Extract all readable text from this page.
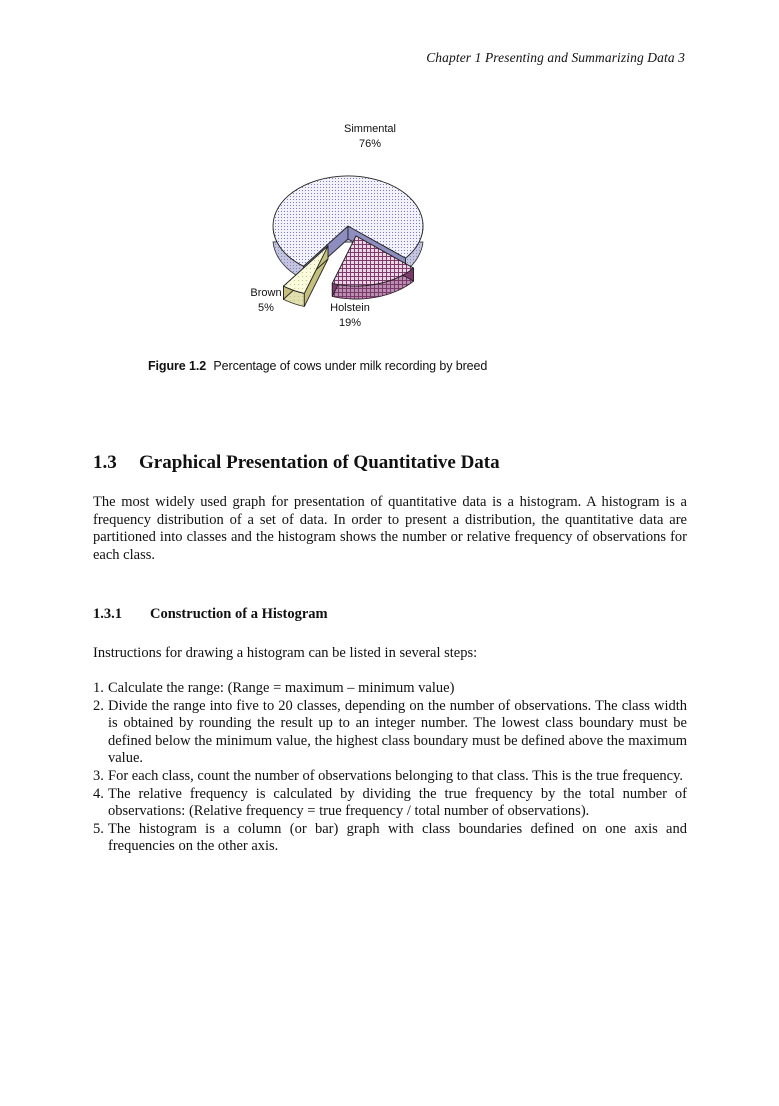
Chapter 1 Presenting and Summarizing Data 3
Simmental
76%
Brown
5%	Holstein
19%
Figure 1.2 Percentage of cows under milk recording by breed
1.3 Graphical Presentation of Quantitative Data

The most widely used graph for presentation of quantitative data is a histogram. A histogram is a frequency distribution of a set of data. In order to present a distribution, the quantitative data are partitioned into classes and the histogram shows the number or relative frequency of observations for each class.

1.3.1 Construction of a Histogram

Instructions for drawing a histogram can be listed in several steps:

1. Calculate the range: (Range = maximum – minimum value)
2. Divide the range into five to 20 classes, depending on the number of observations. The class width is obtained by rounding the result up to an integer number. The lowest class boundary must be defined below the minimum value, the highest class boundary must be defined above the maximum value.
3. For each class, count the number of observations belonging to that class. This is the true frequency.
4. The relative frequency is calculated by dividing the true frequency by the total number of observations: (Relative frequency = true frequency / total number of observations).
5. The histogram is a column (or bar) graph with class boundaries defined on one axis and frequencies on the other axis.
